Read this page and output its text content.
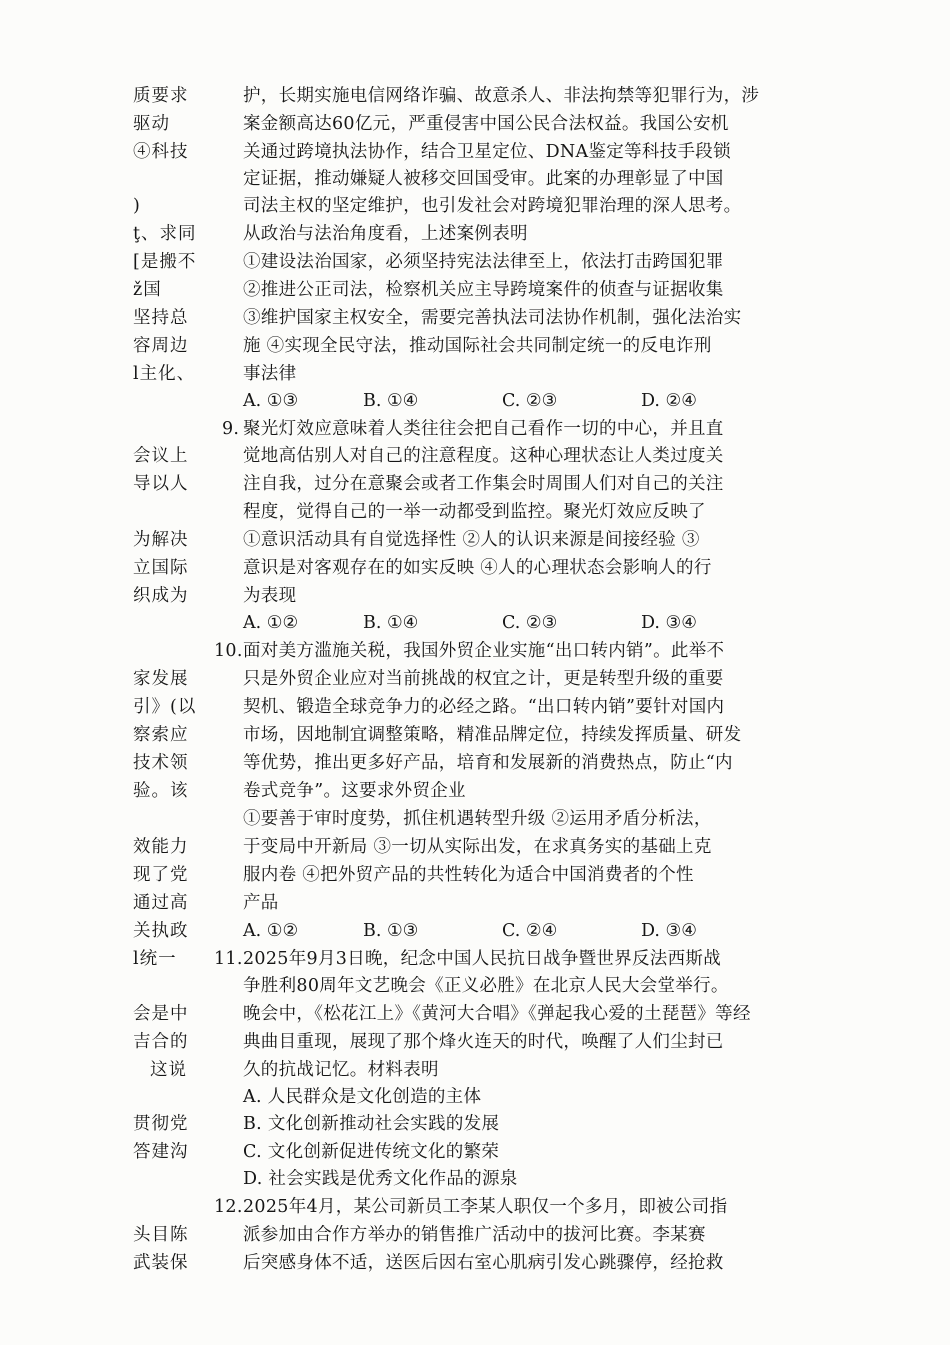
质要求
驱动
④科技
)
ţ、求同
[是搬不
ž国
坚持总
容周边
l主化、
会议上
导以人
为解决
立国际
织成为
家发展
引》(以
察索应
技术领
验。该
效能力
现了党
通过高
关执政
l统一
会是中
吉合的
这说
贯彻党
答建沟
头目陈
武装保
护，长期实施电信网络诈骗、故意杀人、非法拘禁等犯罪行为，涉
案金额高达60亿元，严重侵害中国公民合法权益。我国公安机
关通过跨境执法协作，结合卫星定位、DNA鉴定等科技手段锁
定证据，推动嫌疑人被移交回国受审。此案的办理彰显了中国
司法主权的坚定维护，也引发社会对跨境犯罪治理的深人思考。
从政治与法治角度看，上述案例表明
①建设法治国家，必须坚持宪法法律至上，依法打击跨国犯罪
②推进公正司法，检察机关应主导跨境案件的侦查与证据收集
③维护国家主权安全，需要完善执法司法协作机制，强化法治实
施 ④实现全民守法，推动国际社会共同制定统一的反电诈刑
事法律
A. ①③	B. ①④	C. ②③	D. ②④
9. 聚光灯效应意味着人类往往会把自己看作一切的中心，并且直
觉地高估别人对自己的注意程度。这种心理状态让人类过度关
注自我，过分在意聚会或者工作集会时周围人们对自己的关注
程度，觉得自己的一举一动都受到监控。聚光灯效应反映了
①意识活动具有自觉选择性 ②人的认识来源是间接经验 ③
意识是对客观存在的如实反映 ④人的心理状态会影响人的行
为表现
A. ①②	B. ①④	C. ②③	D. ③④
10. 面对美方滥施关税，我国外贸企业实施“出口转内销”。此举不
只是外贸企业应对当前挑战的权宜之计，更是转型升级的重要
契机、锻造全球竞争力的必经之路。“出口转内销”要针对国内
市场，因地制宜调整策略，精准品牌定位，持续发挥质量、研发
等优势，推出更多好产品，培育和发展新的消费热点，防止“内
卷式竞争”。这要求外贸企业
①要善于审时度势，抓住机遇转型升级 ②运用矛盾分析法，
于变局中开新局 ③一切从实际出发，在求真务实的基础上克
服内卷 ④把外贸产品的共性转化为适合中国消费者的个性
产品
A. ①②	B. ①③	C. ②④	D. ③④
11. 2025年9月3日晚，纪念中国人民抗日战争暨世界反法西斯战
争胜利80周年文艺晚会《正义必胜》在北京人民大会堂举行。
晚会中，《松花江上》《黄河大合唱》《弹起我心爱的土琵琶》等经
典曲目重现，展现了那个烽火连天的时代，唤醒了人们尘封已
久的抗战记忆。材料表明
A. 人民群众是文化创造的主体
B. 文化创新推动社会实践的发展
C. 文化创新促进传统文化的繁荣
D. 社会实践是优秀文化作品的源泉
12. 2025年4月，某公司新员工李某人职仅一个多月，即被公司指
派参加由合作方举办的销售推广活动中的拔河比赛。李某赛
后突感身体不适，送医后因右室心肌病引发心跳骤停，经抢救
